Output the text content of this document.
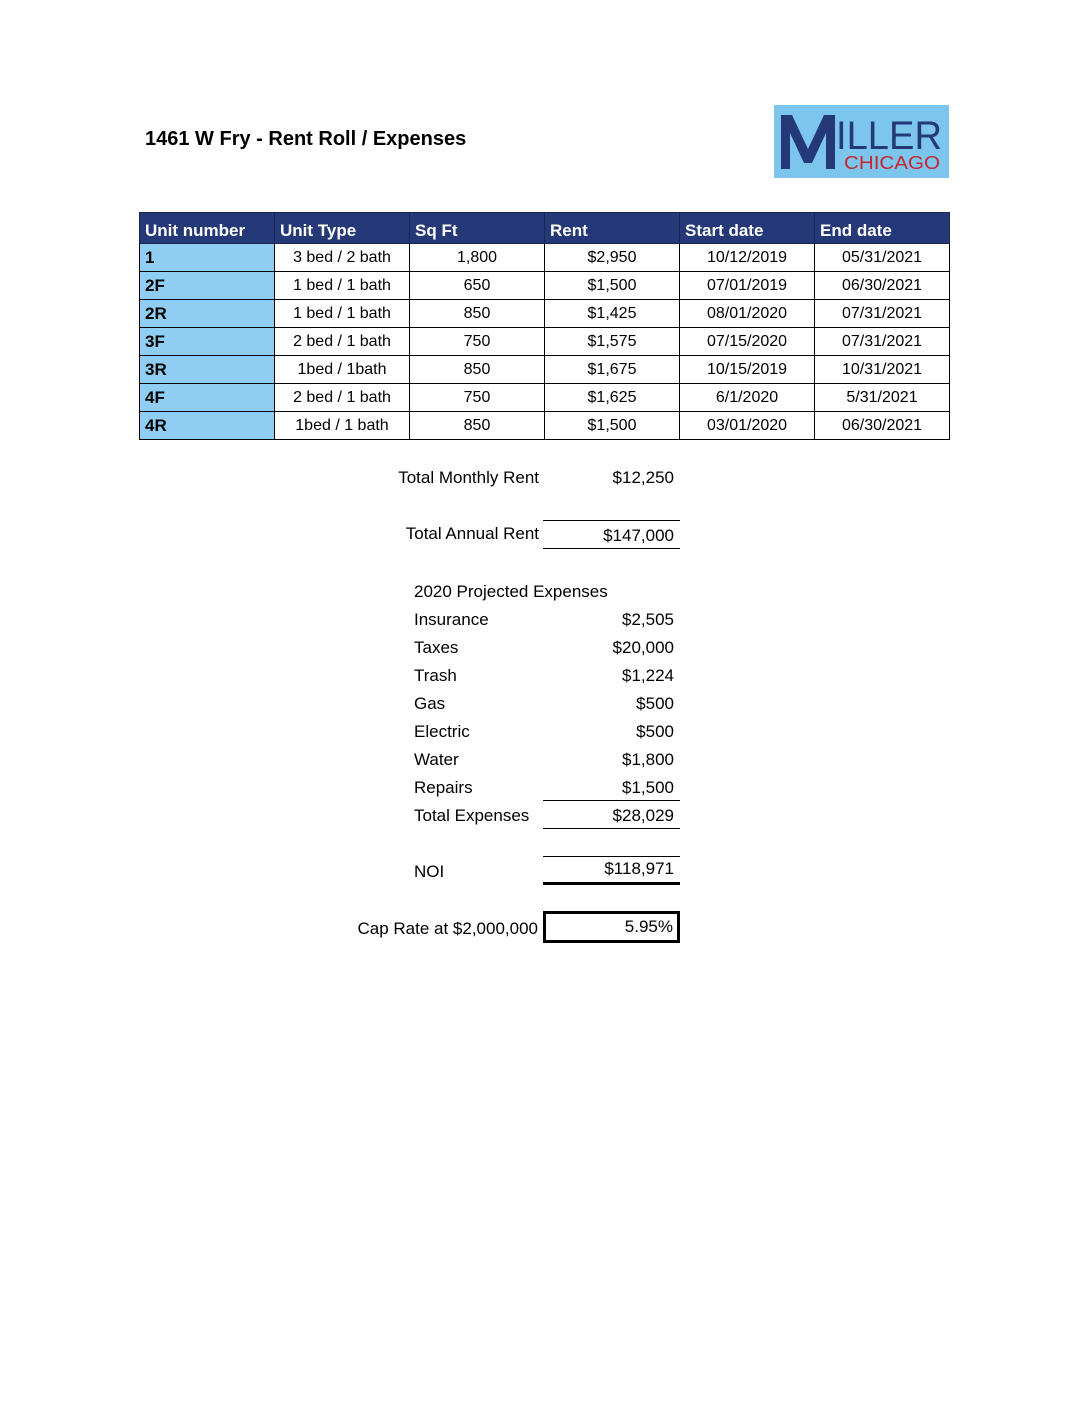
1461 W Fry - Rent Roll / Expenses	ILLER
CHICAGO
Unit number	Unit Type	Sq Ft	Rent	Start date	End date
1	3 bed / 2 bath	1,800	$2,950	10/12/2019	05/31/2021
2F	1 bed / 1 bath	650	$1,500	07/01/2019	06/30/2021
2R	1 bed / 1 bath	850	$1,425	08/01/2020	07/31/2021
3F	2 bed / 1 bath	750	$1,575	07/15/2020	07/31/2021
3R	1bed / 1bath	850	$1,675	10/15/2019	10/31/2021
4F	2 bed / 1 bath	750	$1,625	6/1/2020	5/31/2021
4R	1bed / 1 bath	850	$1,500	03/01/2020	06/30/2021
Total Monthly Rent	$12,250
Total Annual Rent	$147,000
2020 Projected Expenses
Insurance	$2,505
Taxes	$20,000
Trash	$1,224
Gas	$500
Electric	$500
Water	$1,800
Repairs	$1,500
Total Expenses	$28,029
NOI	$118,971
Cap Rate at $2,000,000	5.95%
